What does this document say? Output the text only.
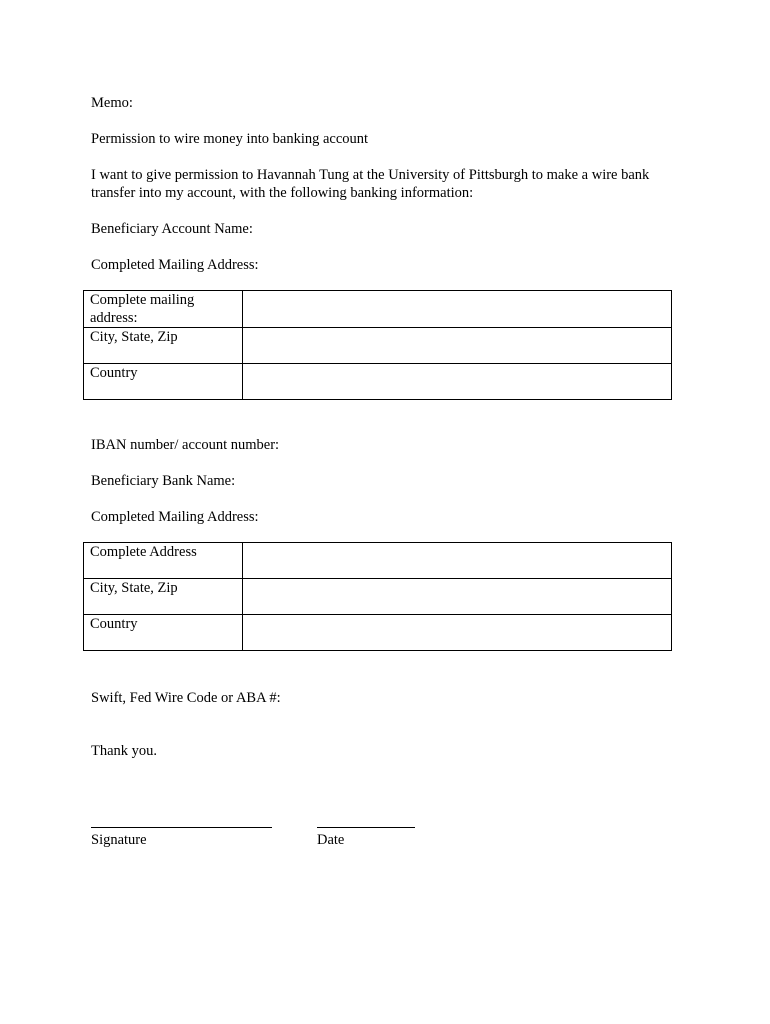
Memo:
Permission to wire money into banking account
I want to give permission to Havannah Tung at the University of Pittsburgh to make a wire bank transfer into my account, with the following banking information:
Beneficiary Account Name:
Completed Mailing Address:
Complete mailing address:	
City, State, Zip	
Country	
IBAN number/ account number:
Beneficiary Bank Name:
Completed Mailing Address:
Complete Address	
City, State, Zip	
Country	
Swift, Fed Wire Code or ABA #:
Thank you.
Signature	Date
